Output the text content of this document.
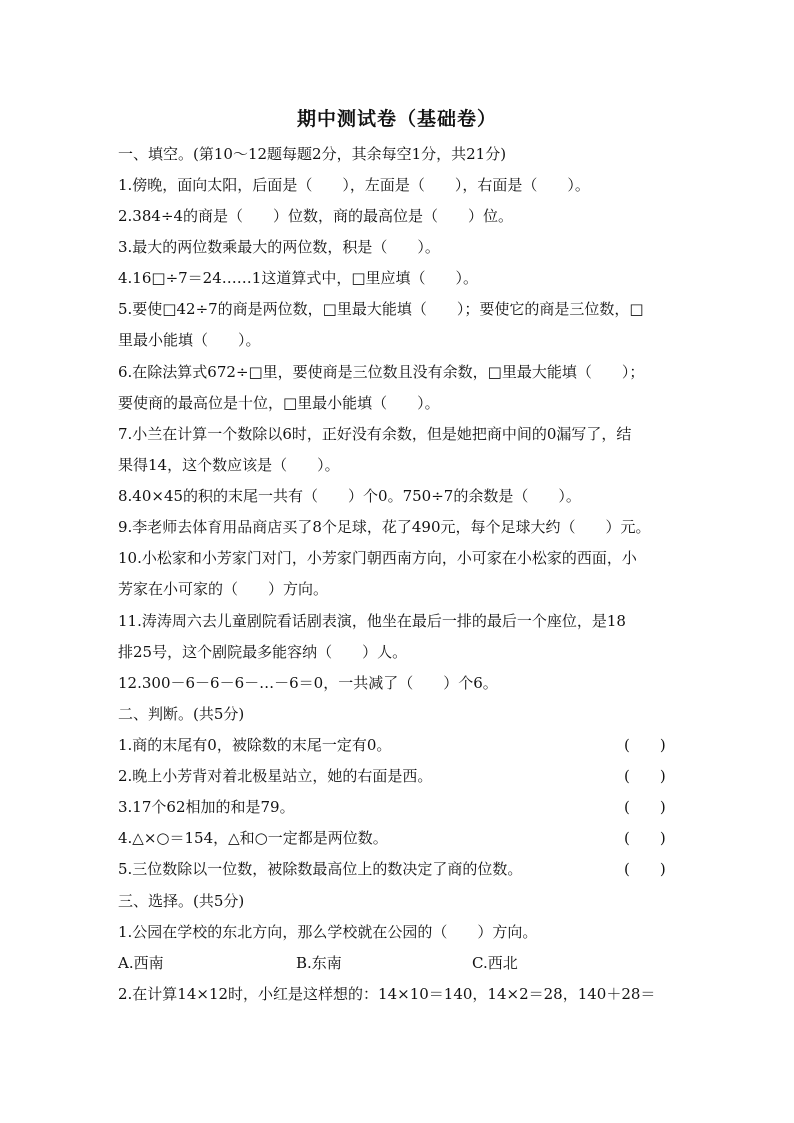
期中测试卷（基础卷）
一、填空。(第10～12题每题2分，其余每空1分，共21分)
1.傍晚，面向太阳，后面是（　　），左面是（　　），右面是（　　）。
2.384÷4的商是（　　）位数，商的最高位是（　　）位。
3.最大的两位数乘最大的两位数，积是（　　）。
4.16□÷7＝24……1这道算式中，□里应填（　　）。
5.要使□42÷7的商是两位数，□里最大能填（　　）；要使它的商是三位数，□
里最小能填（　　）。
6.在除法算式672÷□里，要使商是三位数且没有余数，□里最大能填（　　）；
要使商的最高位是十位，□里最小能填（　　）。
7.小兰在计算一个数除以6时，正好没有余数，但是她把商中间的0漏写了，结
果得14，这个数应该是（　　）。
8.40×45的积的末尾一共有（　　）个0。750÷7的余数是（　　）。
9.李老师去体育用品商店买了8个足球，花了490元，每个足球大约（　　）元。
10.小松家和小芳家门对门，小芳家门朝西南方向，小可家在小松家的西面，小
芳家在小可家的（　　）方向。
11.涛涛周六去儿童剧院看话剧表演，他坐在最后一排的最后一个座位，是18
排25号，这个剧院最多能容纳（　　）人。
12.300－6－6－6－…－6＝0，一共减了（　　）个6。
二、判断。(共5分)
1.商的末尾有0，被除数的末尾一定有0。	(　　)
2.晚上小芳背对着北极星站立，她的右面是西。	(　　)
3.17个62相加的和是79。	(　　)
4.△×○＝154，△和○一定都是两位数。	(　　)
5.三位数除以一位数，被除数最高位上的数决定了商的位数。	(　　)
三、选择。(共5分)
1.公园在学校的东北方向，那么学校就在公园的（　　）方向。
A.西南	B.东南	C.西北
2.在计算14×12时，小红是这样想的：14×10＝140，14×2＝28，140＋28＝
